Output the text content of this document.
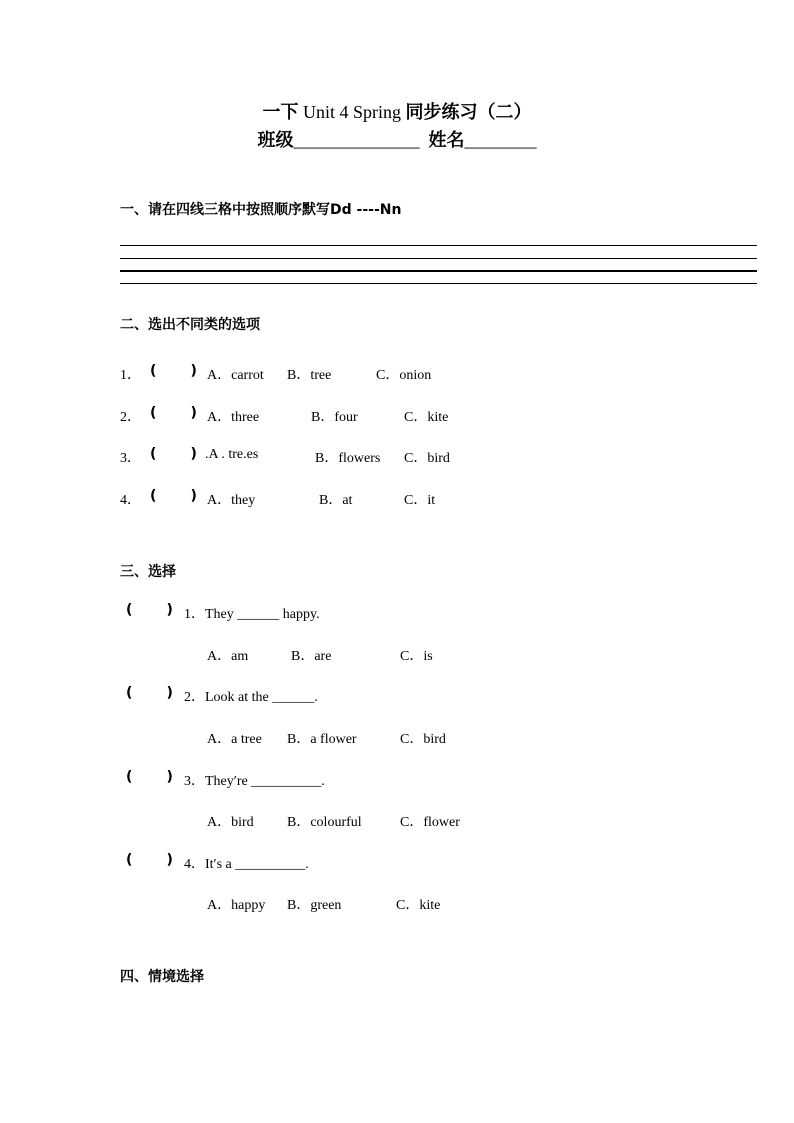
一下 Unit 4 Spring 同步练习（二）
班级______________ 姓名________
一、请在四线三格中按照顺序默写Dd ----Nn
二、选出不同类的选项
1． (       ) A．carrot B．tree	C．onion
2． (       ) A．three	B．four	C．kite
3． (       ) .A . tre.es	B．flowers C．bird
4． (       ) A．they	B．at	C．it
三、选择
(       ) 1．They ______ happy.
A．am	B．are	C．is
(       ) 2．Look at the ______.
A．a tree B．a flower	C．bird
(       ) 3．They′re __________.
A．bird B．colourful	C．flower
(       ) 4．It′s a __________.
A．happy B．green	C．kite
四、情境选择
